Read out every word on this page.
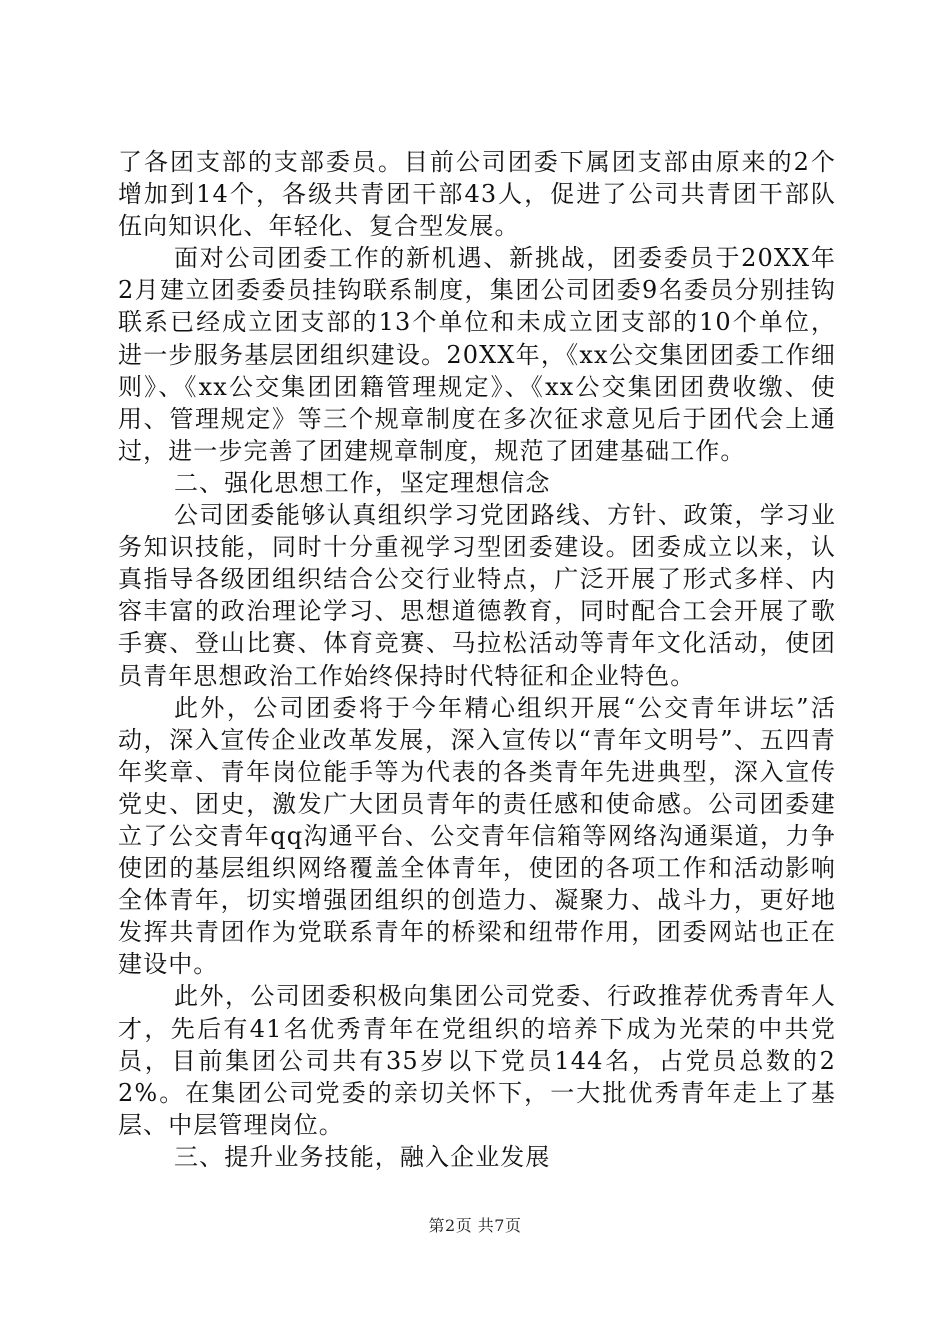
了各团支部的支部委员。目前公司团委下属团支部由原来的2个增加到14个，各级共青团干部43人，促进了公司共青团干部队伍向知识化、年轻化、复合型发展。

面对公司团委工作的新机遇、新挑战，团委委员于20XX年2月建立团委委员挂钩联系制度，集团公司团委9名委员分别挂钩联系已经成立团支部的13个单位和未成立团支部的10个单位，进一步服务基层团组织建设。20XX年，《xx公交集团团委工作细则》、《xx公交集团团籍管理规定》、《xx公交集团团费收缴、使用、管理规定》等三个规章制度在多次征求意见后于团代会上通过，进一步完善了团建规章制度，规范了团建基础工作。

二、强化思想工作，坚定理想信念

公司团委能够认真组织学习党团路线、方针、政策，学习业务知识技能，同时十分重视学习型团委建设。团委成立以来，认真指导各级团组织结合公交行业特点，广泛开展了形式多样、内容丰富的政治理论学习、思想道德教育，同时配合工会开展了歌手赛、登山比赛、体育竞赛、马拉松活动等青年文化活动，使团员青年思想政治工作始终保持时代特征和企业特色。

此外，公司团委将于今年精心组织开展“公交青年讲坛”活动，深入宣传企业改革发展，深入宣传以“青年文明号”、五四青年奖章、青年岗位能手等为代表的各类青年先进典型，深入宣传党史、团史，激发广大团员青年的责任感和使命感。公司团委建立了公交青年qq沟通平台、公交青年信箱等网络沟通渠道，力争使团的基层组织网络覆盖全体青年，使团的各项工作和活动影响全体青年，切实增强团组织的创造力、凝聚力、战斗力，更好地发挥共青团作为党联系青年的桥梁和纽带作用，团委网站也正在建设中。

此外，公司团委积极向集团公司党委、行政推荐优秀青年人才，先后有41名优秀青年在党组织的培养下成为光荣的中共党员，目前集团公司共有35岁以下党员144名，占党员总数的22%。在集团公司党委的亲切关怀下，一大批优秀青年走上了基层、中层管理岗位。

三、提升业务技能，融入企业发展

第2页 共7页
